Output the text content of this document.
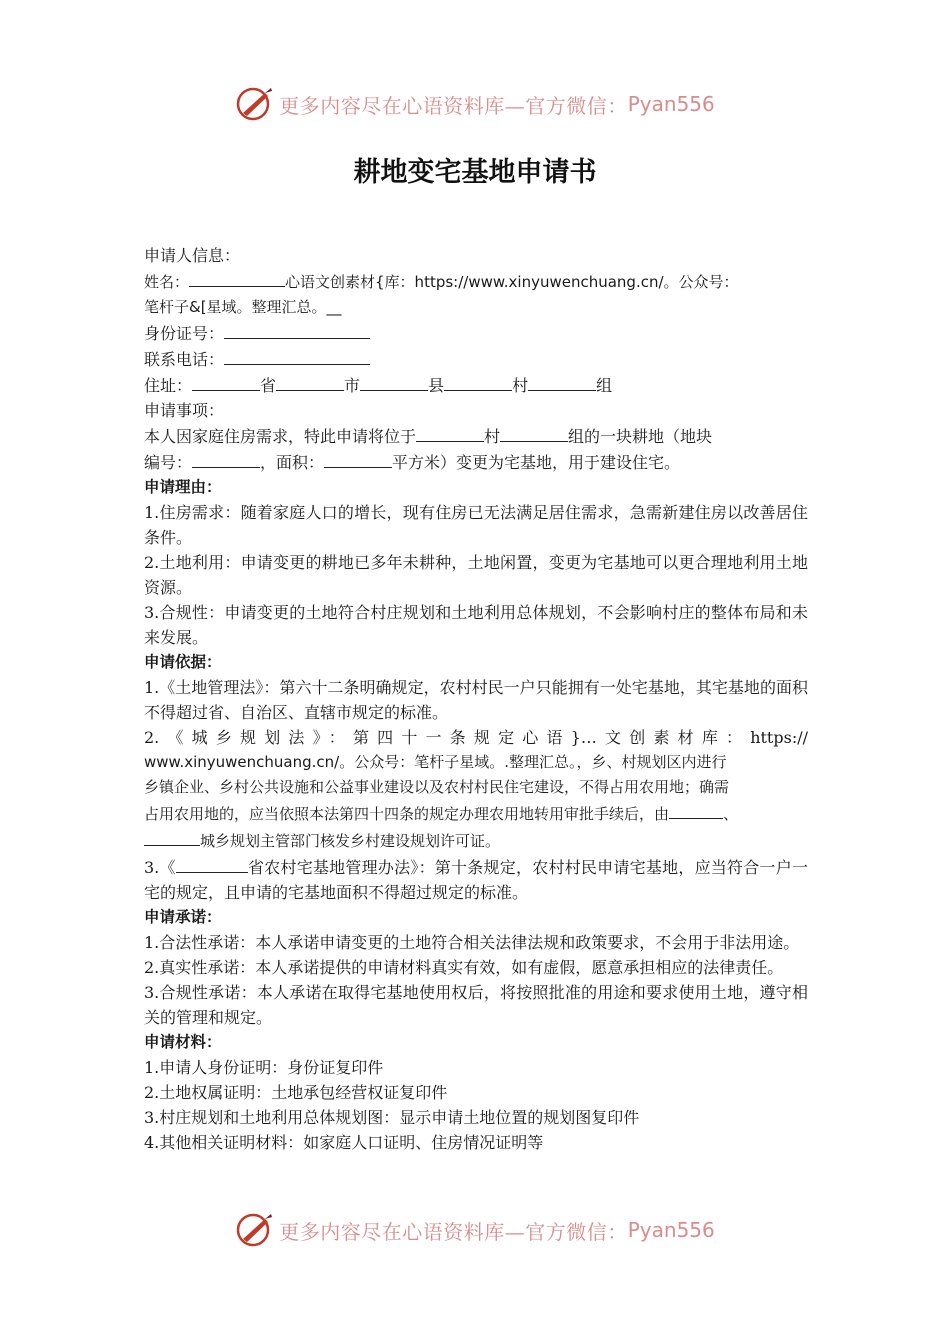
更多内容尽在心语资料库—官方微信： Pyan556
耕地变宅基地申请书

申请人信息：

姓名：	心语文创素材{库：https://www.xinyuwenchuang.cn/。公众号：

笔杆子&[星域。整理汇总。__

身份证号：

联系电话：

住址：	省	市	县	村	组

申请事项：

本人因家庭住房需求，特此申请将位于	村	组的一块耕地（地块

编号：	，面积：	平方米）变更为宅基地，用于建设住宅。

申请理由：

1.住房需求：随着家庭人口的增长，现有住房已无法满足居住需求，急需新建住房以改善居住条件。

2.土地利用：申请变更的耕地已多年未耕种，土地闲置，变更为宅基地可以更合理地利用土地资源。

3.合规性：申请变更的土地符合村庄规划和土地利用总体规划，不会影响村庄的整体布局和未来发展。

申请依据：

1.《土地管理法》：第六十二条明确规定，农村村民一户只能拥有一处宅基地，其宅基地的面积不得超过省、自治区、直辖市规定的标准。

2.《城乡规划法》：第四十一条规定心语}…文创素材库：https://

www.xinyuwenchuang.cn/。公众号：笔杆子星域。.整理汇总。，乡、村规划区内进行

乡镇企业、乡村公共设施和公益事业建设以及农村村民住宅建设，不得占用农用地；确需

占用农用地的，应当依照本法第四十四条的规定办理农用地转用审批手续后，由	、

城乡规划主管部门核发乡村建设规划许可证。

3.《	省农村宅基地管理办法》：第十条规定，农村村民申请宅基地，应当符合一户一宅的规定，且申请的宅基地面积不得超过规定的标准。

申请承诺：

1.合法性承诺：本人承诺申请变更的土地符合相关法律法规和政策要求，不会用于非法用途。

2.真实性承诺：本人承诺提供的申请材料真实有效，如有虚假，愿意承担相应的法律责任。

3.合规性承诺：本人承诺在取得宅基地使用权后，将按照批准的用途和要求使用土地，遵守相关的管理和规定。

申请材料：

1.申请人身份证明：身份证复印件

2.土地权属证明：土地承包经营权证复印件

3.村庄规划和土地利用总体规划图：显示申请土地位置的规划图复印件

4.其他相关证明材料：如家庭人口证明、住房情况证明等

更多内容尽在心语资料库—官方微信： Pyan556
